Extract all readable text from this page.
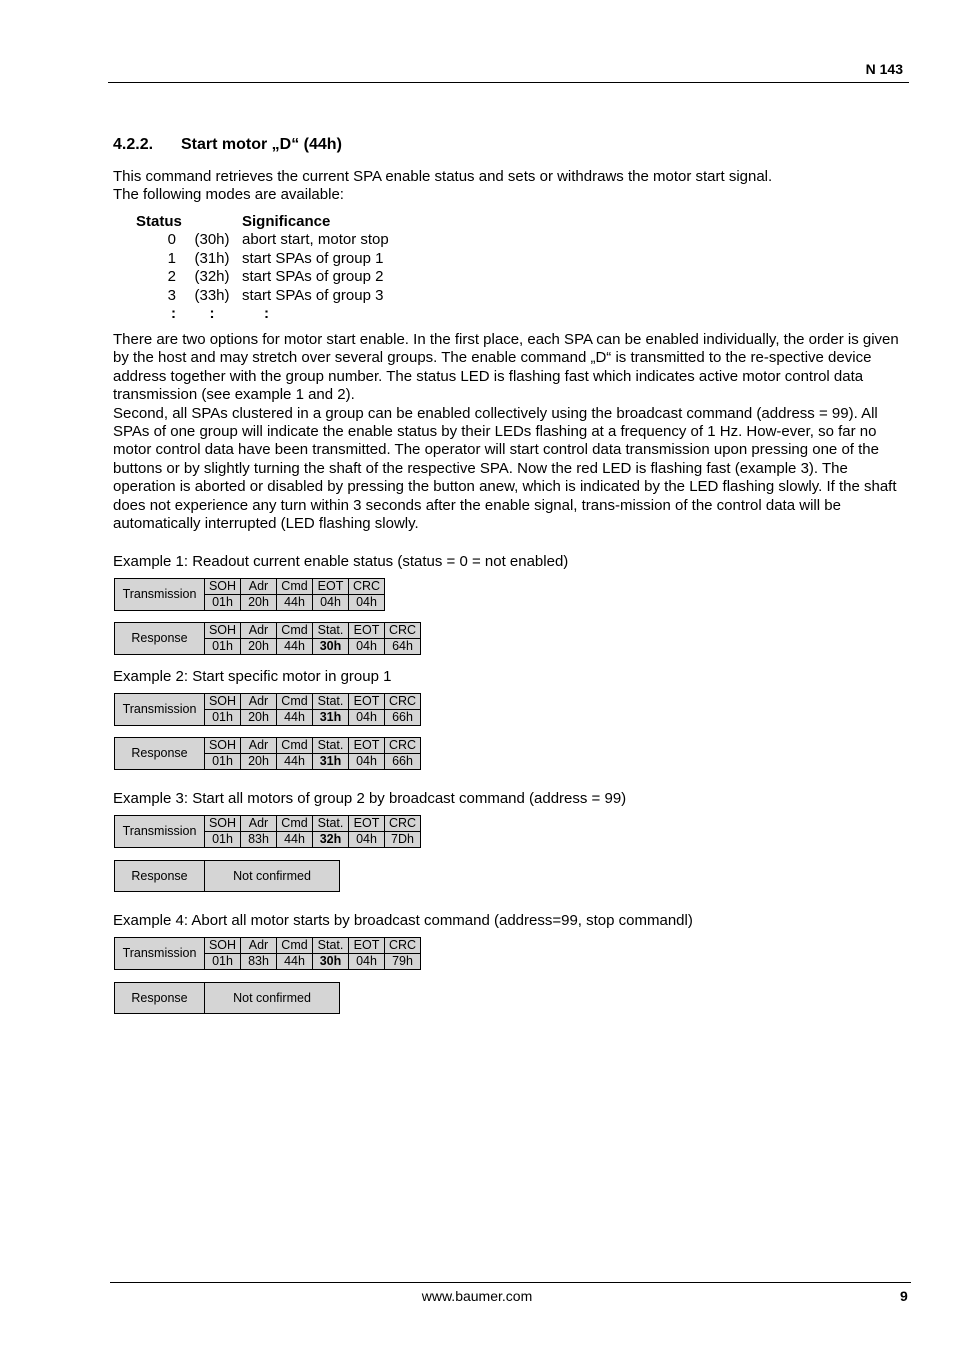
N 143
4.2.2. Start motor „D“ (44h)
This command retrieves the current SPA enable status and sets or withdraws the motor start signal.
The following modes are available:
Status		Significance
0	(30h)	abort start, motor stop
1	(31h)	start SPAs of group 1
2	(32h)	start SPAs of group 2
3	(33h)	start SPAs of group 3
:	:	:

There are two options for motor start enable. In the first place, each SPA can be enabled individually, the order is given by the host and may stretch over several groups. The enable command „D“ is transmitted to the re-spective device address together with the group number. The status LED is flashing fast which indicates active motor control data transmission (see example 1 and 2).

Second, all SPAs clustered in a group can be enabled collectively using the broadcast command (address = 99). All SPAs of one group will indicate the enable status by their LEDs flashing at a frequency of 1 Hz. How-ever, so far no motor control data have been transmitted. The operator will start control data transmission upon pressing one of the buttons or by slightly turning the shaft of the respective SPA. Now the red LED is flashing fast (example 3). The operation is aborted or disabled by pressing the button anew, which is indicated by the LED flashing slowly. If the shaft does not experience any turn within 3 seconds after the enable signal, trans-mission of the control data will be automatically interrupted (LED flashing slowly.

Example 1: Readout current enable status (status = 0 = not enabled)
Transmission	SOH	Adr	Cmd	EOT	CRC
	01h	20h	44h	04h	04h
Response	SOH	Adr	Cmd	Stat.	EOT	CRC
	01h	20h	44h	30h	04h	64h
Example 2: Start specific motor in group 1
Transmission	SOH	Adr	Cmd	Stat.	EOT	CRC
	01h	20h	44h	31h	04h	66h
Response	SOH	Adr	Cmd	Stat.	EOT	CRC
	01h	20h	44h	31h	04h	66h
Example 3: Start all motors of group 2 by broadcast command (address = 99)
Transmission	SOH	Adr	Cmd	Stat.	EOT	CRC
	01h	83h	44h	32h	04h	7Dh
Response	Not confirmed
Example 4: Abort all motor starts by broadcast command (address=99, stop commandl)
Transmission	SOH	Adr	Cmd	Stat.	EOT	CRC
	01h	83h	44h	30h	04h	79h
Response	Not confirmed
www.baumer.com	9
